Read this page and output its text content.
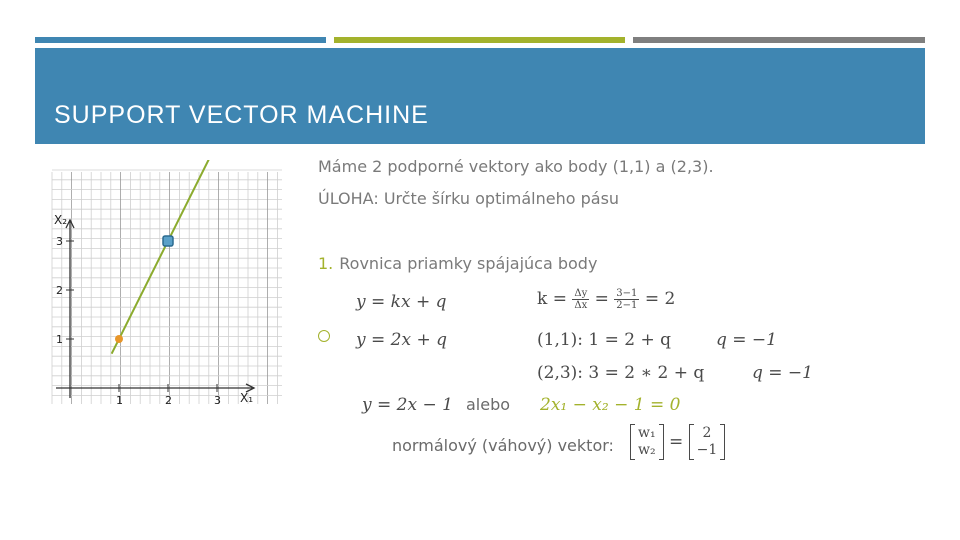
SUPPORT VECTOR MACHINE
X₁
X₂
1	2	3
1
2
3
Máme 2 podporné vektory ako body (1,1) a (2,3).
ÚLOHA: Určte šírku optimálneho pásu
1. Rovnica priamky spájajúca body
y = kx + q	$k = \frac{\Delta y}{\Delta x} = \frac{3-1}{2-1} = 2$
y = 2x + q	(1,1): 1 = 2 + q	q = −1
(2,3): 3 = 2 ∗ 2 + q	q = −1
y = 2x − 1 alebo 2x₁ − x₂ − 1 = 0
normálový (váhový) vektor:
w₁
w₂ = 2
−1
